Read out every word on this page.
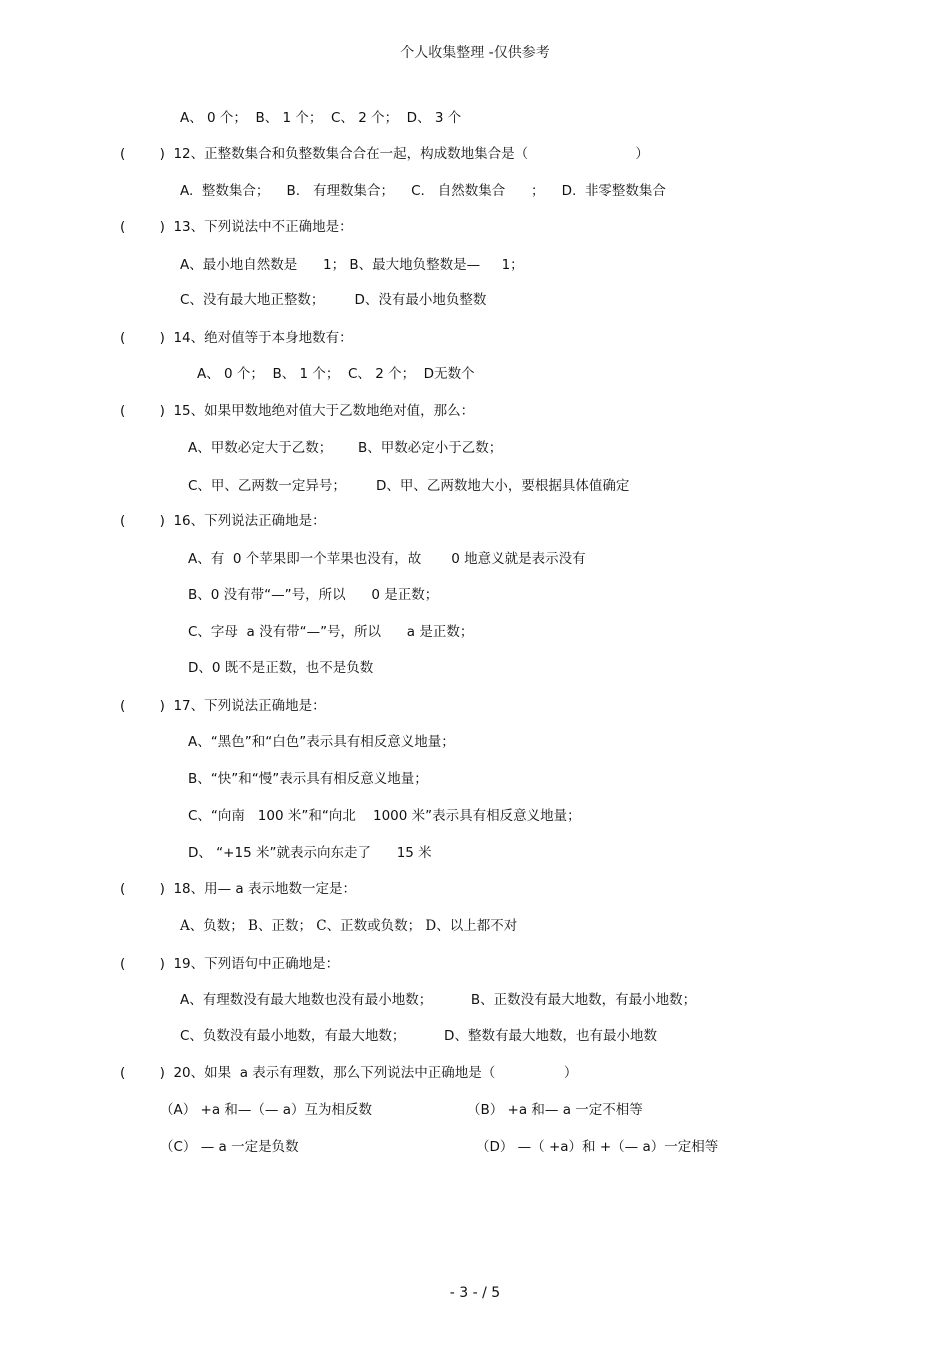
个人收集整理 -仅供参考
A、 0 个；  B、 1 个；  C、 2 个；  D、 3 个
(        )  12、正整数集合和负整数集合合在一起，构成数地集合是（                         ）
A.  整数集合；    B.   有理数集合；    C.   自然数集合      ；    D.  非零整数集合
(        )  13、下列说法中不正确地是：
A、最小地自然数是      1； B、最大地负整数是—     1；
C、没有最大地正整数；       D、没有最小地负整数
(        )  14、绝对值等于本身地数有：
A、 0 个；  B、 1 个；  C、 2 个；  D无数个
(        )  15、如果甲数地绝对值大于乙数地绝对值，那么：
A、甲数必定大于乙数；      B、甲数必定小于乙数；
C、甲、乙两数一定异号；       D、甲、乙两数地大小，要根据具体值确定
(        )  16、下列说法正确地是：
A、有  0 个苹果即一个苹果也没有，故       0 地意义就是表示没有
B、0 没有带“—”号，所以      0 是正数；
C、字母  a 没有带“—”号，所以      a 是正数；
D、0 既不是正数，也不是负数
(        )  17、下列说法正确地是：
A、“黑色”和“白色”表示具有相反意义地量；
B、“快”和“慢”表示具有相反意义地量；
C、“向南   100 米”和“向北    1000 米”表示具有相反意义地量；
D、 “+15 米”就表示向东走了      15 米
(        )  18、用— a 表示地数一定是：
A、负数； B、正数； C、正数或负数； D、以上都不对
(        )  19、下列语句中正确地是：
A、有理数没有最大地数也没有最小地数；         B、正数没有最大地数，有最小地数；
C、负数没有最小地数，有最大地数；         D、整数有最大地数，也有最小地数
(        )  20、如果  a 表示有理数，那么下列说法中正确地是（                ）
（A） +a 和—（— a）互为相反数	（B） +a 和— a 一定不相等
（C） — a 一定是负数	（D） —（ +a）和 +（— a）一定相等
- 3 - / 5
